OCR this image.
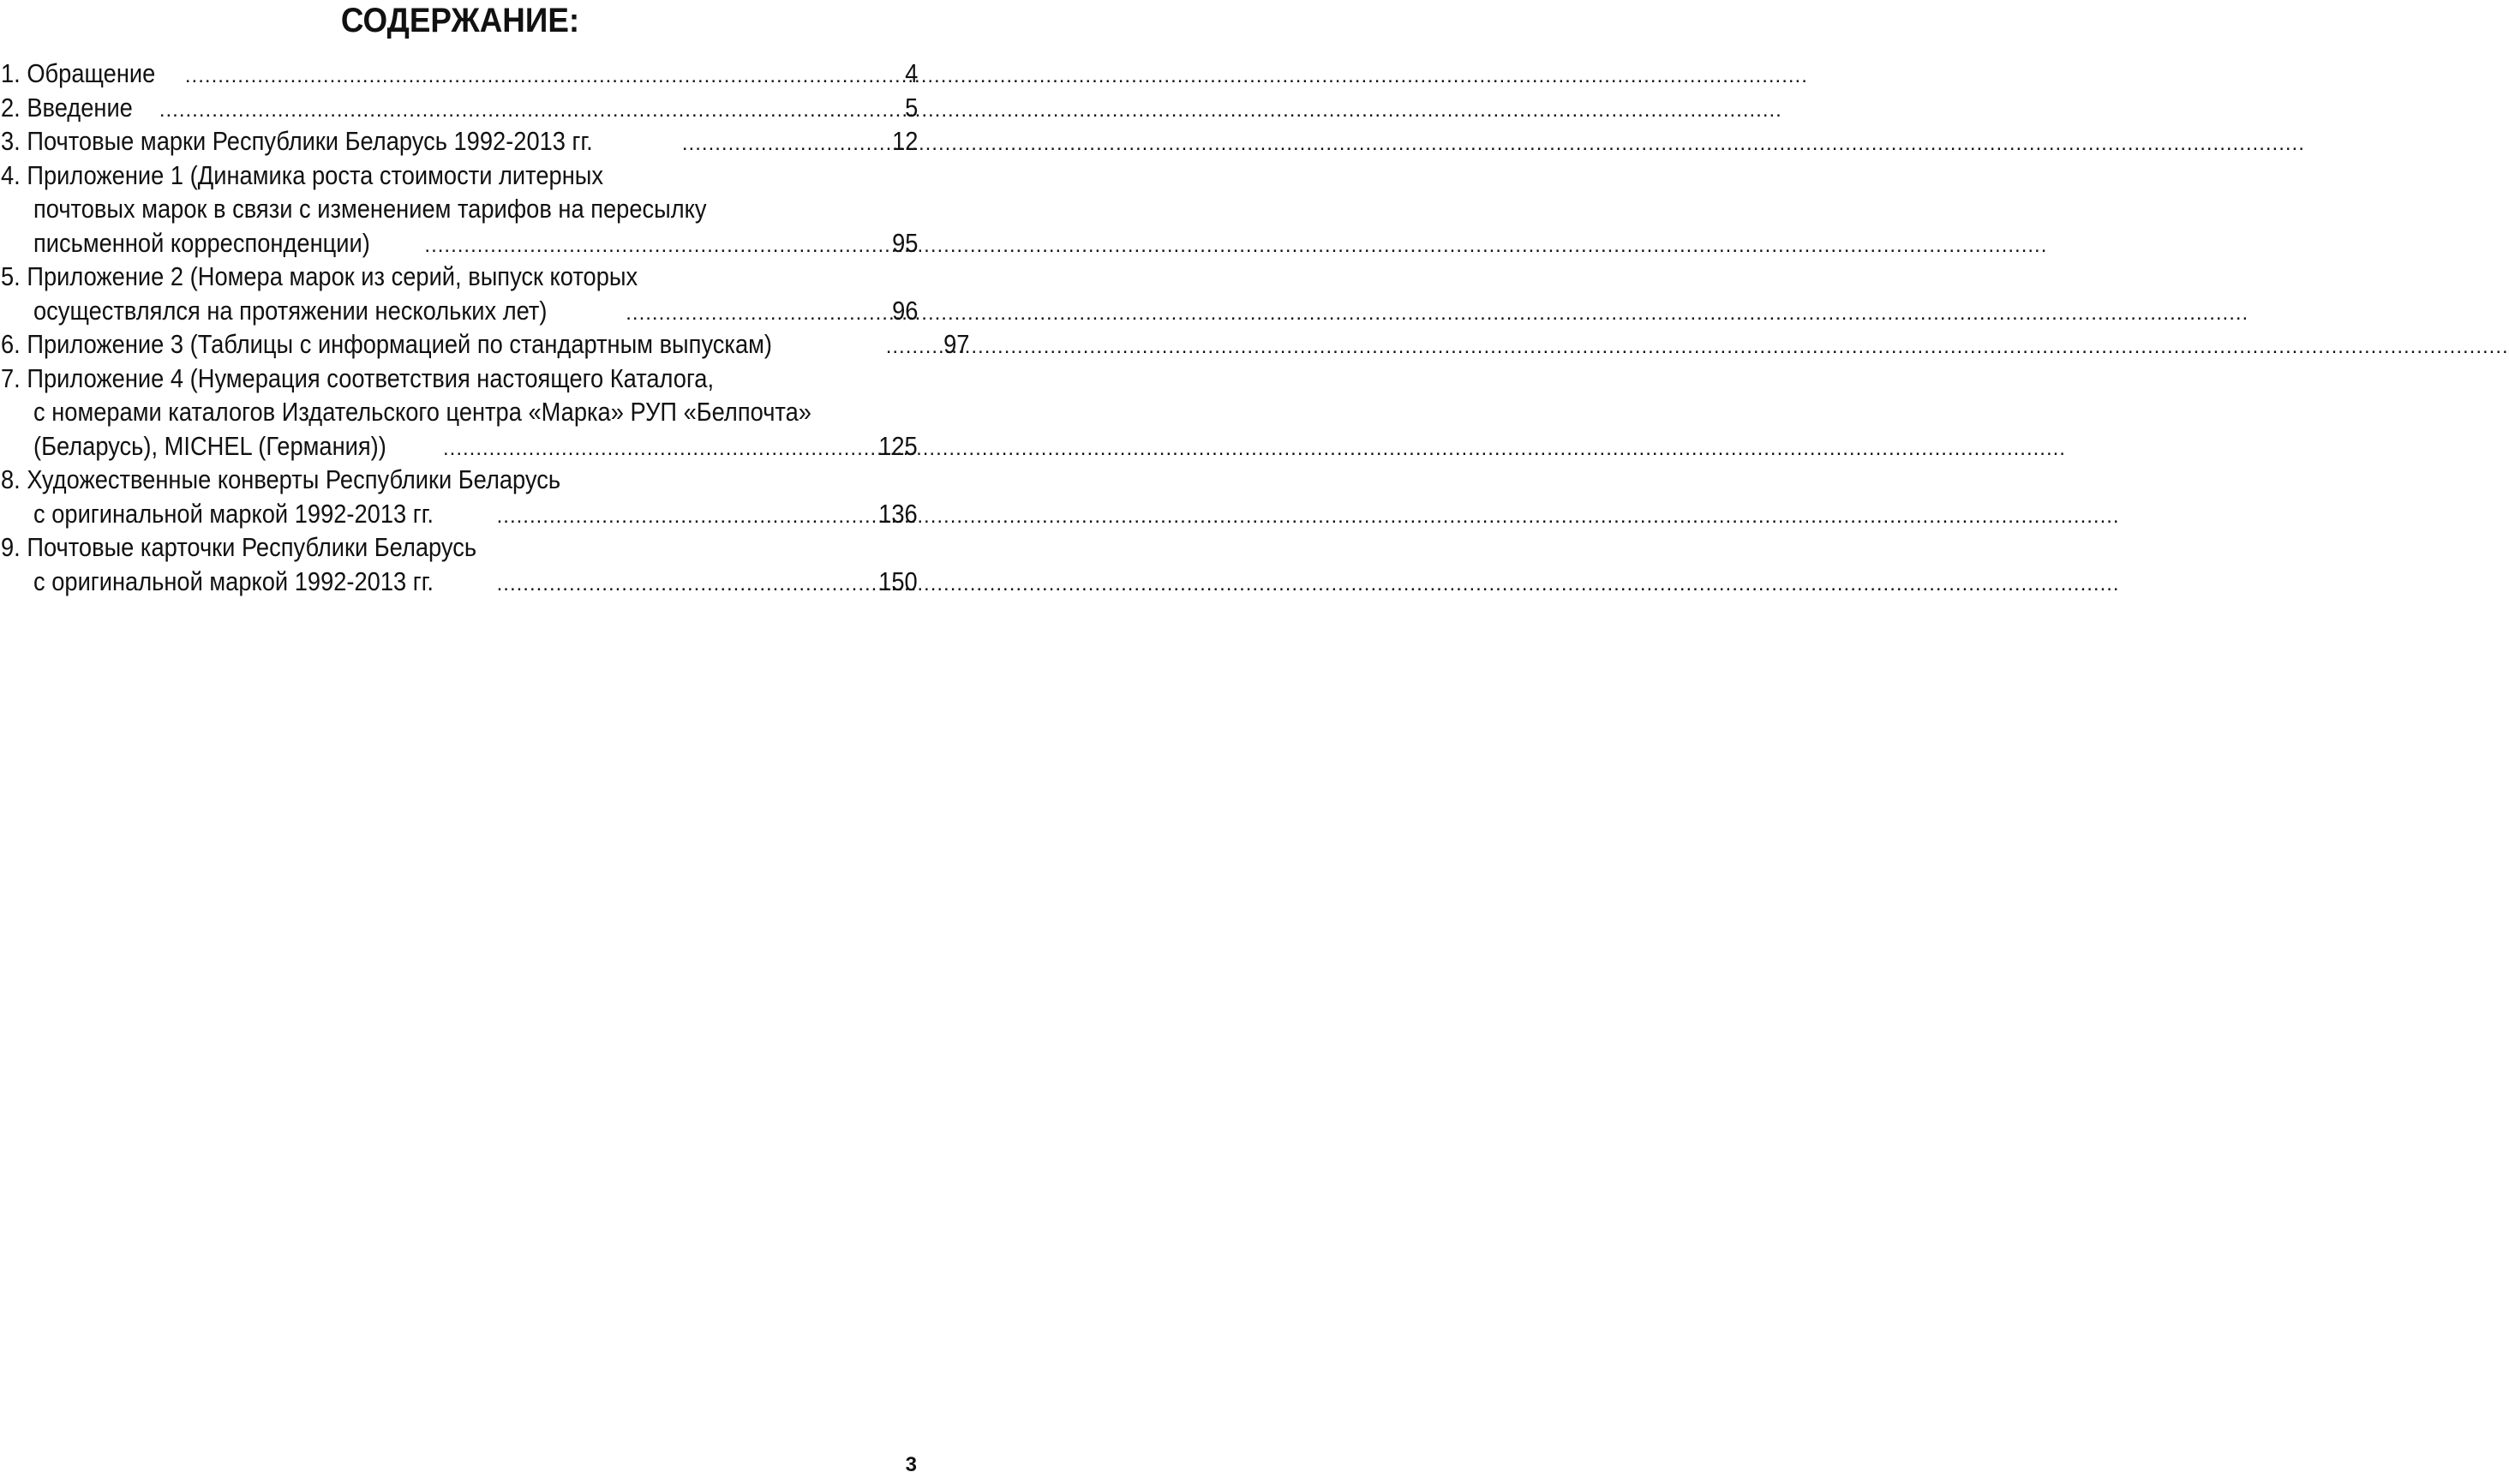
СОДЕРЖАНИЕ:
1. Обращение .....	4
2. Введение .....	5
3. Почтовые марки Республики Беларусь 1992-2013 гг. .....	12
4. Приложение 1 (Динамика роста стоимости литерных
почтовых марок в связи с изменением тарифов на пересылку
письменной корреспонденции) .....	95
5. Приложение 2 (Номера марок из серий, выпуск которых
осуществлялся на протяжении нескольких лет) .....	96
6. Приложение 3 (Таблицы с информацией по стандартным выпускам) .....	97
7. Приложение 4 (Нумерация соответствия настоящего Каталога,
с номерами каталогов Издательского центра «Марка» РУП «Белпочта»
(Беларусь), MICHEL (Германия)) .....	125
8. Художественные конверты Республики Беларусь
с оригинальной маркой 1992-2013 гг. .....	136
9. Почтовые карточки Республики Беларусь
с оригинальной маркой 1992-2013 гг. .....	150
3
